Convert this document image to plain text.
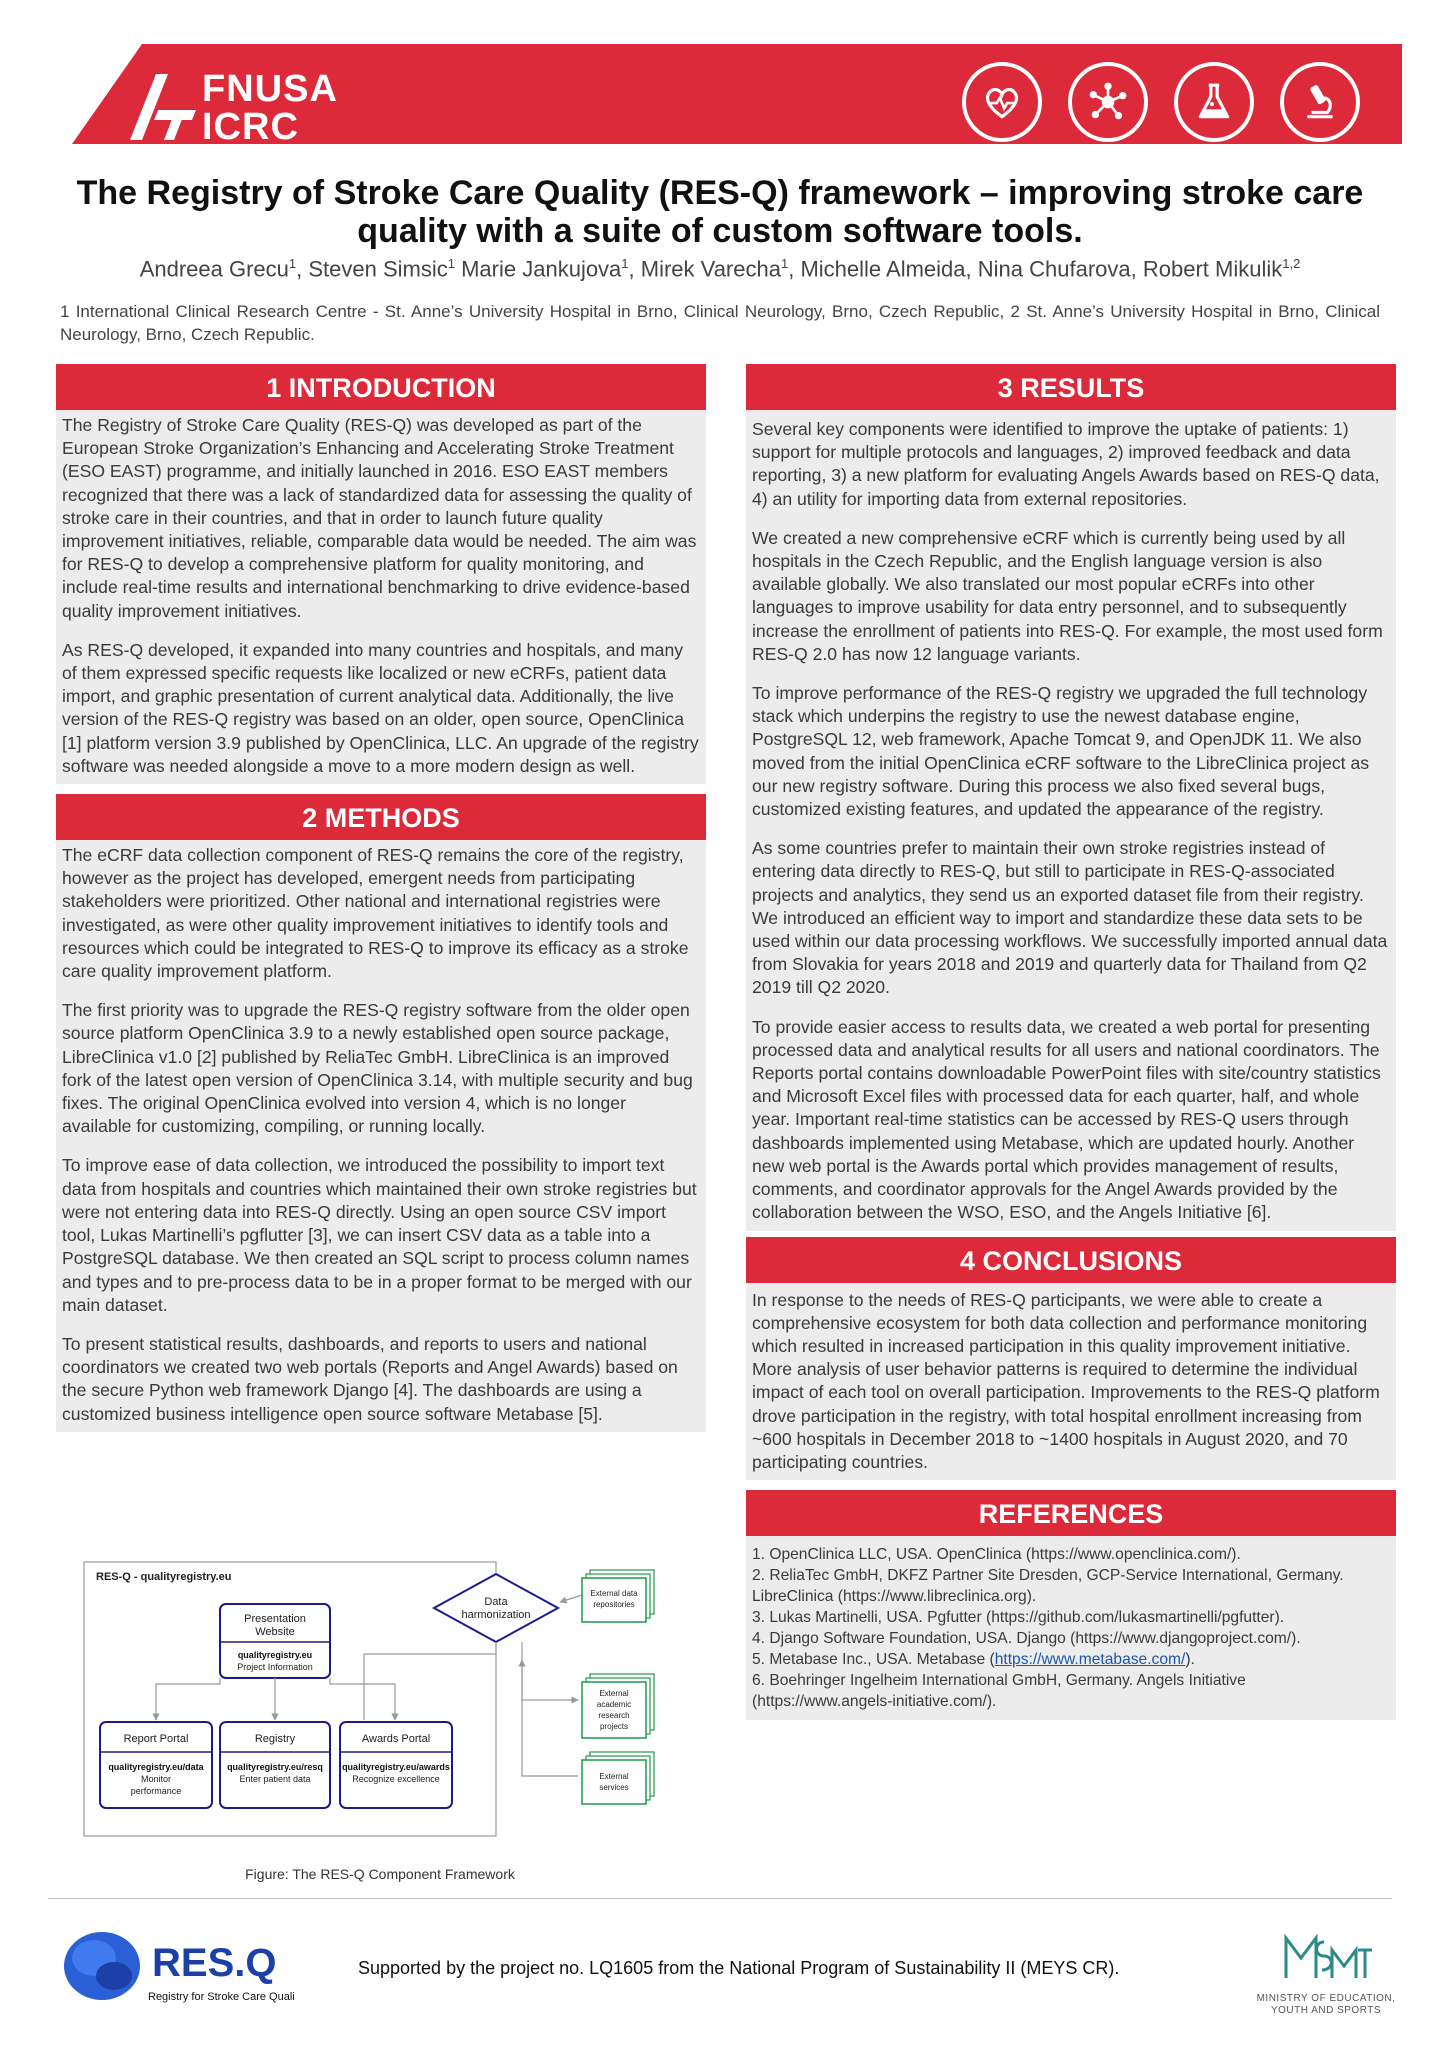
FNUSA
ICRC
The Registry of Stroke Care Quality (RES-Q) framework – improving stroke care quality with a suite of custom software tools.
Andreea Grecu$^1$, Steven Simsic$^1$ Marie Jankujova$^1$, Mirek Varecha$^1$, Michelle Almeida, Nina Chufarova, Robert Mikulik$^{1,2}$
1 International Clinical Research Centre - St. Anne’s University Hospital in Brno, Clinical Neurology, Brno, Czech Republic, 2 St. Anne’s University Hospital in Brno, Clinical Neurology, Brno, Czech Republic.
1 INTRODUCTION

The Registry of Stroke Care Quality (RES-Q) was developed as part of the European Stroke Organization’s Enhancing and Accelerating Stroke Treatment (ESO EAST) programme, and initially launched in 2016. ESO EAST members recognized that there was a lack of standardized data for assessing the quality of stroke care in their countries, and that in order to launch future quality improvement initiatives, reliable, comparable data would be needed. The aim was for RES-Q to develop a comprehensive platform for quality monitoring, and include real-time results and international benchmarking to drive evidence-based quality improvement initiatives.

As RES-Q developed, it expanded into many countries and hospitals, and many of them expressed specific requests like localized or new eCRFs, patient data import, and graphic presentation of current analytical data. Additionally, the live version of the RES-Q registry was based on an older, open source, OpenClinica [1] platform version 3.9 published by OpenClinica, LLC. An upgrade of the registry software was needed alongside a move to a more modern design as well.

2 METHODS

The eCRF data collection component of RES-Q remains the core of the registry, however as the project has developed, emergent needs from participating stakeholders were prioritized. Other national and international registries were investigated, as were other quality improvement initiatives to identify tools and resources which could be integrated to RES-Q to improve its efficacy as a stroke care quality improvement platform.

The first priority was to upgrade the RES-Q registry software from the older open source platform OpenClinica 3.9 to a newly established open source package, LibreClinica v1.0 [2] published by ReliaTec GmbH. LibreClinica is an improved fork of the latest open version of OpenClinica 3.14, with multiple security and bug fixes. The original OpenClinica evolved into version 4, which is no longer available for customizing, compiling, or running locally.

To improve ease of data collection, we introduced the possibility to import text data from hospitals and countries which maintained their own stroke registries but were not entering data into RES-Q directly. Using an open source CSV import tool, Lukas Martinelli’s pgflutter [3], we can insert CSV data as a table into a PostgreSQL database. We then created an SQL script to process column names and types and to pre-process data to be in a proper format to be merged with our main dataset.

To present statistical results, dashboards, and reports to users and national coordinators we created two web portals (Reports and Angel Awards) based on the secure Python web framework Django [4]. The dashboards are using a customized business intelligence open source software Metabase [5].

RES-Q - qualityregistry.eu
Presentation
Website
qualityregistry.eu
Project Information
Report Portal
qualityregistry.eu/data
Monitor
performance
Registry
qualityregistry.eu/resq
Enter patient data
Awards Portal
qualityregistry.eu/awards
Recognize excellence
Data
harmonization
External data
repositories
External
academic
research
projects
External
services
Figure: The RES-Q Component Framework
3 RESULTS

Several key components were identified to improve the uptake of patients: 1) support for multiple protocols and languages, 2) improved feedback and data reporting, 3) a new platform for evaluating Angels Awards based on RES-Q data, 4) an utility for importing data from external repositories.

We created a new comprehensive eCRF which is currently being used by all hospitals in the Czech Republic, and the English language version is also available globally. We also translated our most popular eCRFs into other languages to improve usability for data entry personnel, and to subsequently increase the enrollment of patients into RES-Q. For example, the most used form RES-Q 2.0 has now 12 language variants.

To improve performance of the RES-Q registry we upgraded the full technology stack which underpins the registry to use the newest database engine, PostgreSQL 12, web framework, Apache Tomcat 9, and OpenJDK 11. We also moved from the initial OpenClinica eCRF software to the LibreClinica project as our new registry software. During this process we also fixed several bugs, customized existing features, and updated the appearance of the registry.

As some countries prefer to maintain their own stroke registries instead of entering data directly to RES-Q, but still to participate in RES-Q-associated projects and analytics, they send us an exported dataset file from their registry. We introduced an efficient way to import and standardize these data sets to be used within our data processing workflows. We successfully imported annual data from Slovakia for years 2018 and 2019 and quarterly data for Thailand from Q2 2019 till Q2 2020.

To provide easier access to results data, we created a web portal for presenting processed data and analytical results for all users and national coordinators. The Reports portal contains downloadable PowerPoint files with site/country statistics and Microsoft Excel files with processed data for each quarter, half, and whole year. Important real-time statistics can be accessed by RES-Q users through dashboards implemented using Metabase, which are updated hourly. Another new web portal is the Awards portal which provides management of results, comments, and coordinator approvals for the Angel Awards provided by the collaboration between the WSO, ESO, and the Angels Initiative [6].

4 CONCLUSIONS

In response to the needs of RES-Q participants, we were able to create a comprehensive ecosystem for both data collection and performance monitoring which resulted in increased participation in this quality improvement initiative. More analysis of user behavior patterns is required to determine the individual impact of each tool on overall participation. Improvements to the RES-Q platform drove participation in the registry, with total hospital enrollment increasing from ~600 hospitals in December 2018 to ~1400 hospitals in August 2020, and 70 participating countries.

REFERENCES
1. OpenClinica LLC, USA. OpenClinica (https://www.openclinica.com/).
2. ReliaTec GmbH, DKFZ Partner Site Dresden, GCP-Service International, Germany. LibreClinica (https://www.libreclinica.org).
3. Lukas Martinelli, USA. Pgfutter (https://github.com/lukasmartinelli/pgfutter).
4. Django Software Foundation, USA. Django (https://www.djangoproject.com/).
5. Metabase Inc., USA. Metabase (https://www.metabase.com/).
6. Boehringer Ingelheim International GmbH, Germany. Angels Initiative (https://www.angels-initiative.com/).
RES.Q
Registry for Stroke Care Quality
Supported by the project no. LQ1605 from the National Program of Sustainability II (MEYS CR).
MINISTRY OF EDUCATION,
YOUTH AND SPORTS
